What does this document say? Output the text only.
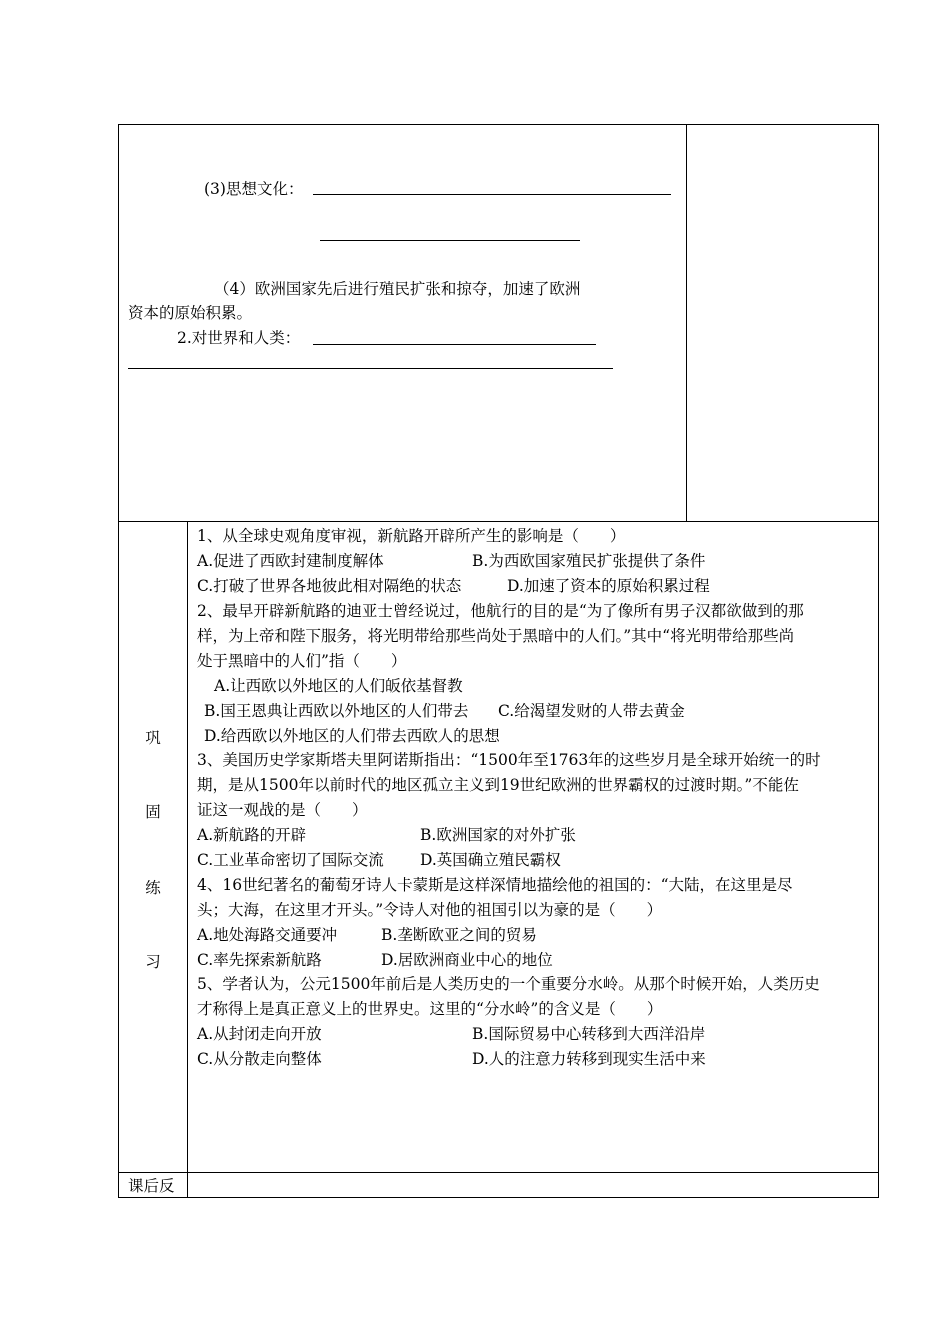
(3)思想文化：
（4）欧洲国家先后进行殖民扩张和掠夺，加速了欧洲
资本的原始积累。
2.对世界和人类：
巩
固
练
习
1、从全球史观角度审视，新航路开辟所产生的影响是（　　）
A.促进了西欧封建制度解体	B.为西欧国家殖民扩张提供了条件
C.打破了世界各地彼此相对隔绝的状态	D.加速了资本的原始积累过程
2、最早开辟新航路的迪亚士曾经说过，他航行的目的是“为了像所有男子汉都欲做到的那
样，为上帝和陛下服务，将光明带给那些尚处于黑暗中的人们。”其中“将光明带给那些尚
处于黑暗中的人们”指（　　）
A.让西欧以外地区的人们皈依基督教
B.国王恩典让西欧以外地区的人们带去 C.给渴望发财的人带去黄金
D.给西欧以外地区的人们带去西欧人的思想
3、美国历史学家斯塔夫里阿诺斯指出：“1500年至1763年的这些岁月是全球开始统一的时
期，是从1500年以前时代的地区孤立主义到19世纪欧洲的世界霸权的过渡时期。”不能佐
证这一观战的是（　　）
A.新航路的开辟	B.欧洲国家的对外扩张
C.工业革命密切了国际交流 D.英国确立殖民霸权
4、16世纪著名的葡萄牙诗人卡蒙斯是这样深情地描绘他的祖国的：“大陆，在这里是尽
头；大海，在这里才开头。”令诗人对他的祖国引以为豪的是（　　）
A.地处海路交通要冲	B.垄断欧亚之间的贸易
C.率先探索新航路	D.居欧洲商业中心的地位
5、学者认为，公元1500年前后是人类历史的一个重要分水岭。从那个时候开始，人类历史
才称得上是真正意义上的世界史。这里的“分水岭”的含义是（　　）
A.从封闭走向开放	B.国际贸易中心转移到大西洋沿岸
C.从分散走向整体	D.人的注意力转移到现实生活中来
课后反
